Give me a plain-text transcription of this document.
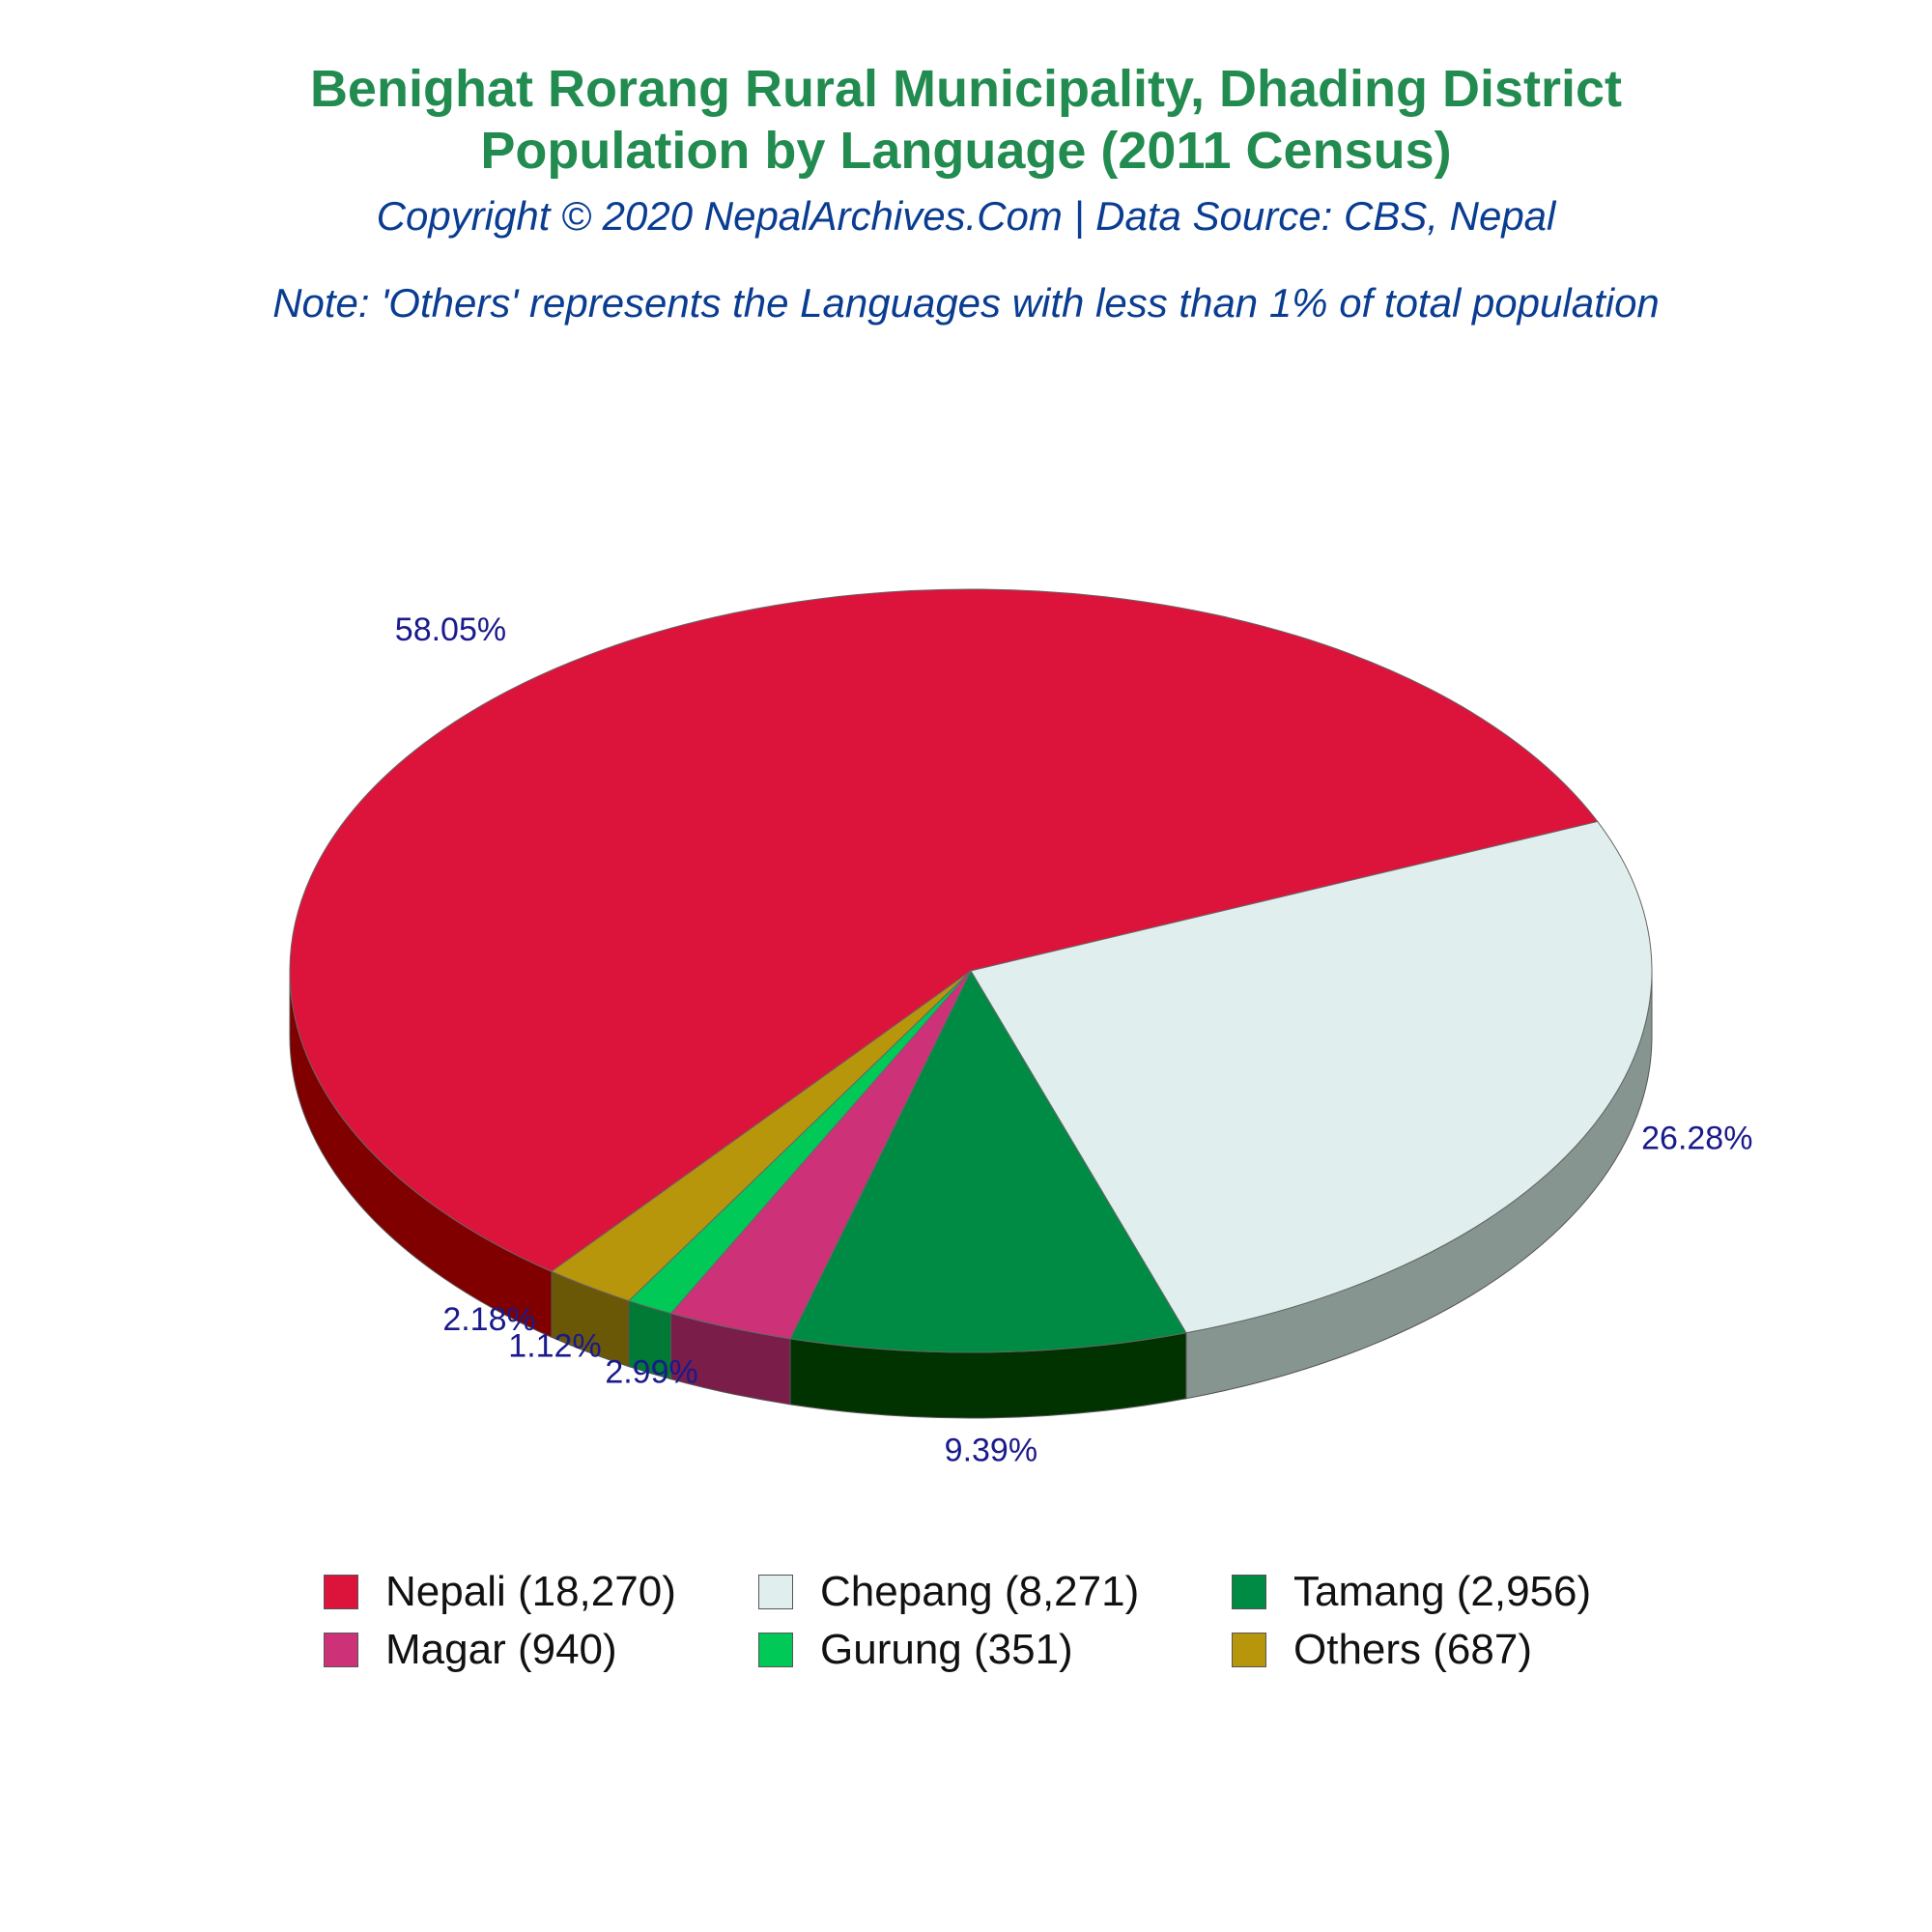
Benighat Rorang Rural Municipality, Dhading District
Population by Language (2011 Census)
Copyright © 2020 NepalArchives.Com | Data Source: CBS, Nepal
Note: 'Others' represents the Languages with less than 1% of total population
58.05%
26.28%
9.39%
2.99%
1.12%
2.18%
Nepali (18,270)	Chepang (8,271)	Tamang (2,956)
Magar (940)	Gurung (351)	Others (687)
